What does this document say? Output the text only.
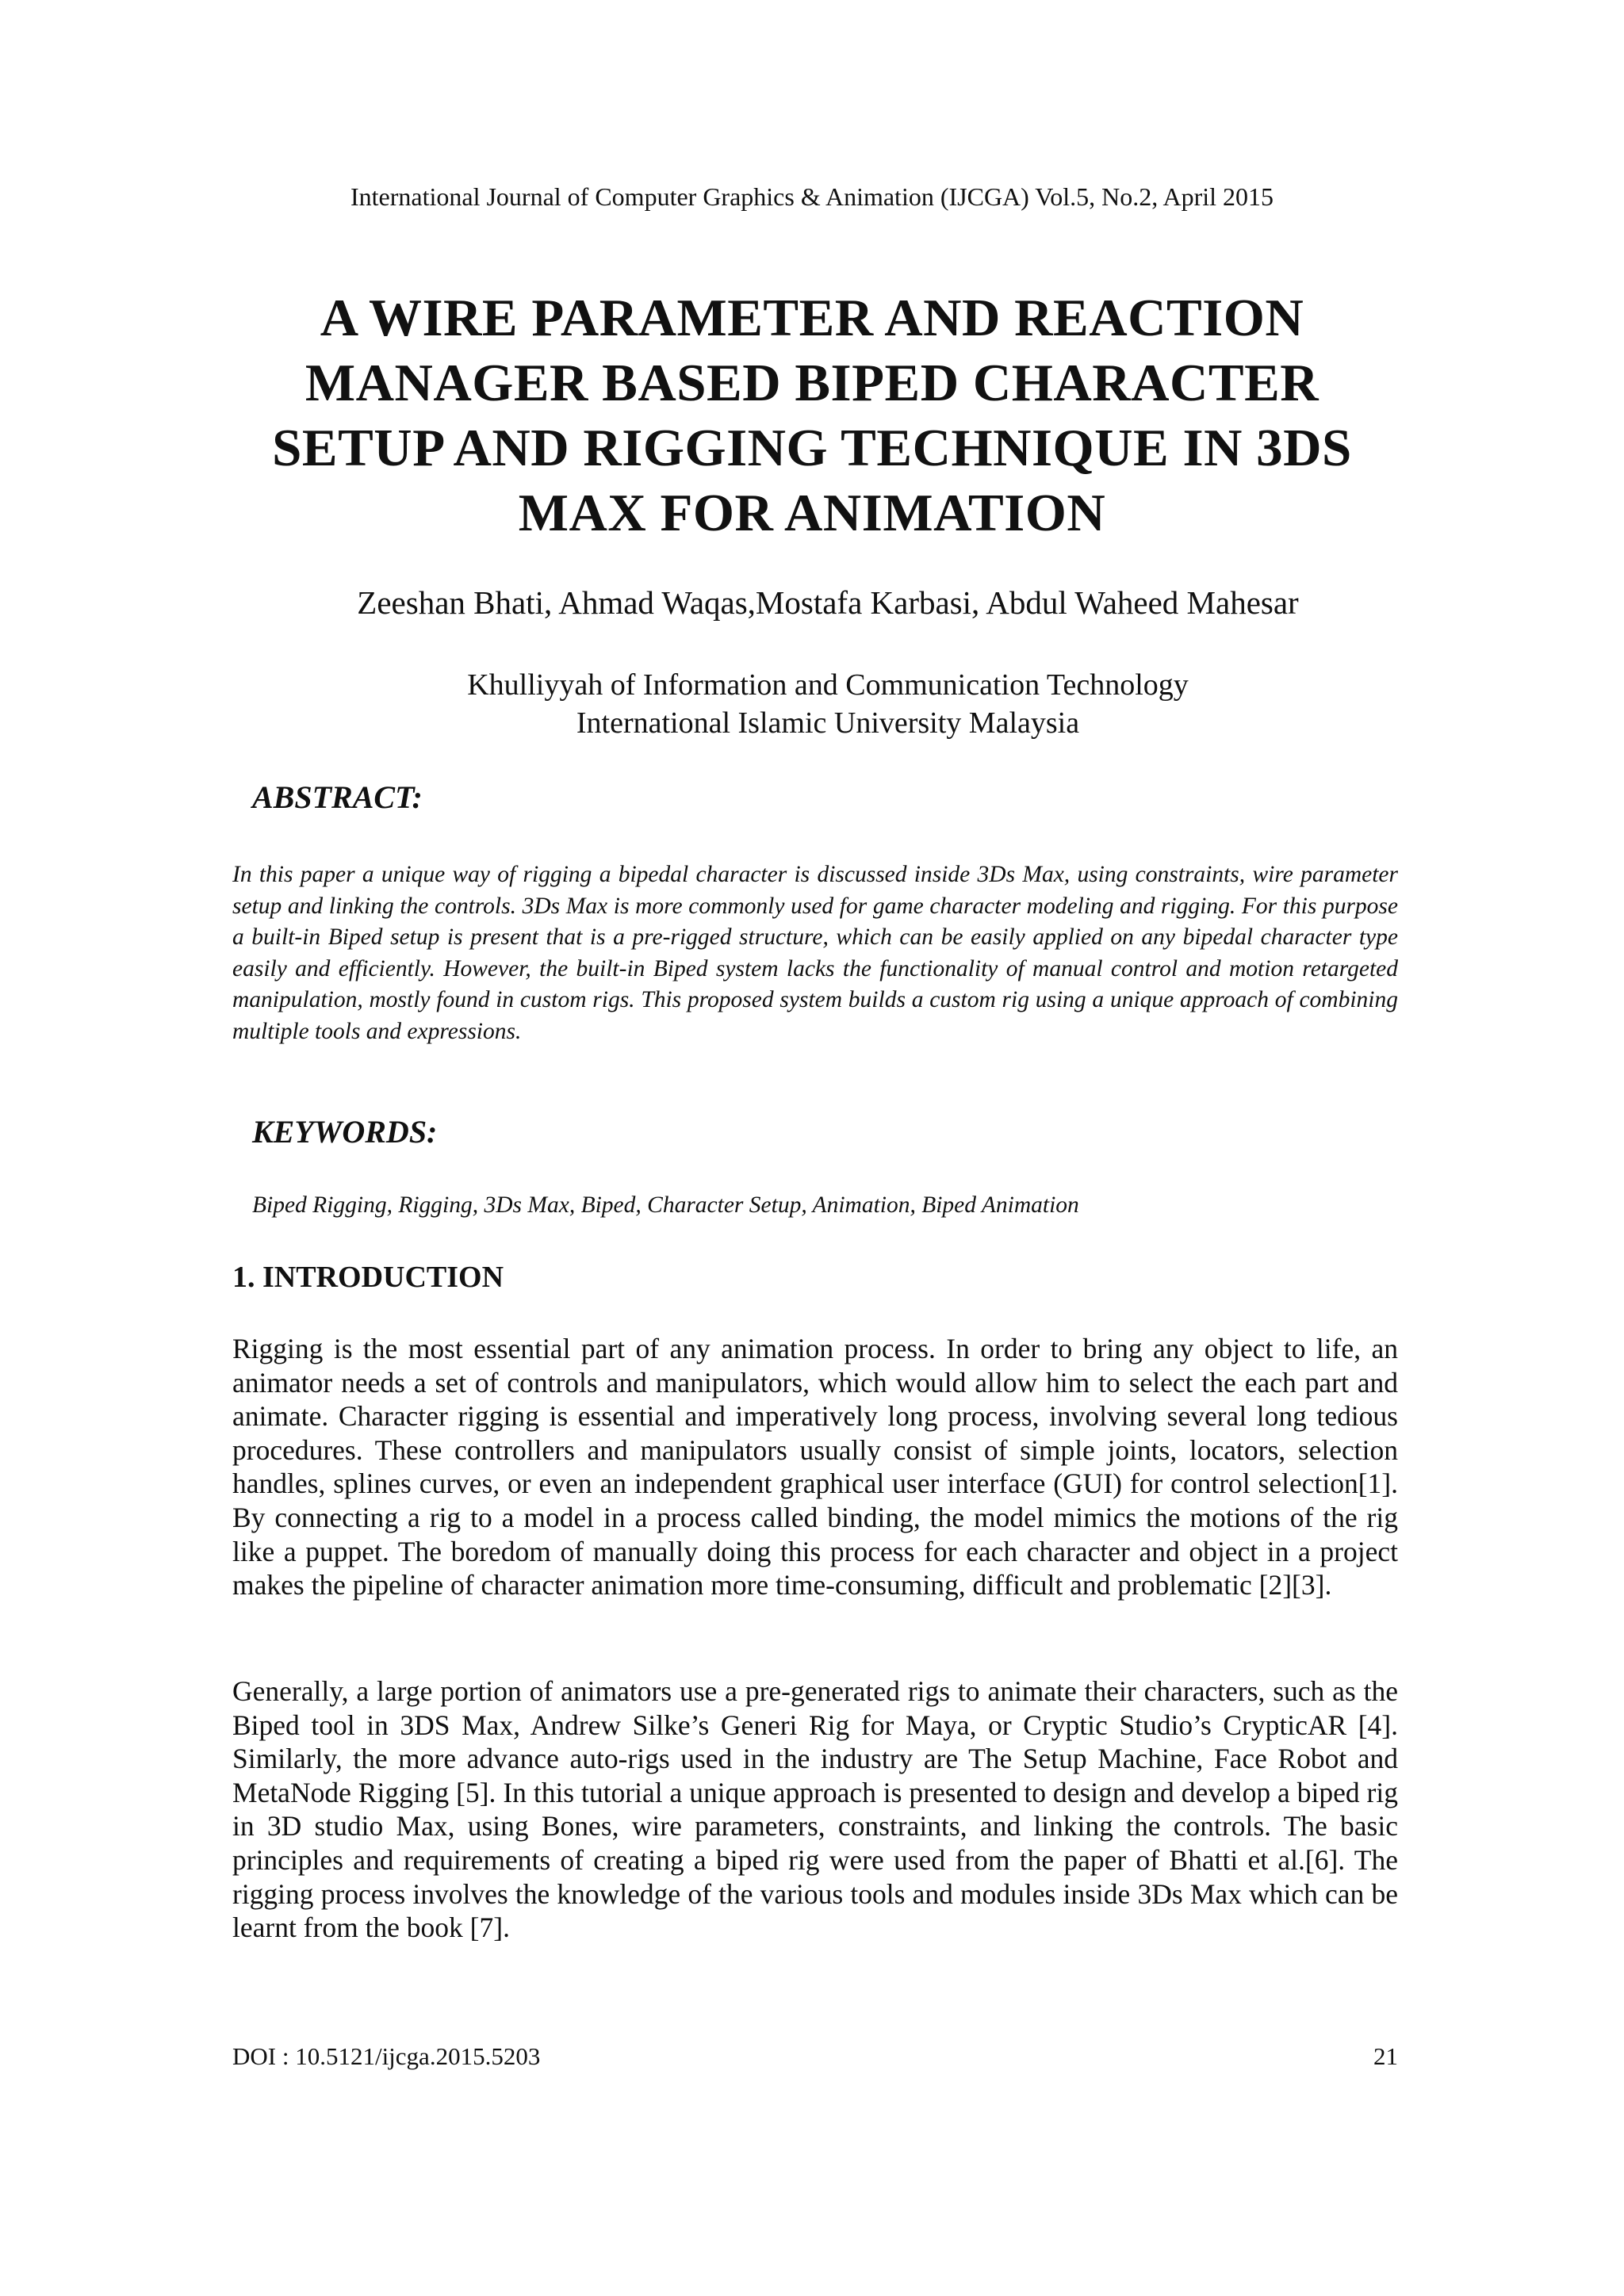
International Journal of Computer Graphics & Animation (IJCGA) Vol.5, No.2, April 2015
A WIRE PARAMETER AND REACTION
MANAGER BASED BIPED CHARACTER
SETUP AND RIGGING TECHNIQUE IN 3DS
MAX FOR ANIMATION
Zeeshan Bhati, Ahmad Waqas,Mostafa Karbasi, Abdul Waheed Mahesar
Khulliyyah of Information and Communication Technology
International Islamic University Malaysia
ABSTRACT:
In this paper a unique way of rigging a bipedal character is discussed inside 3Ds Max, using constraints, wire parameter setup and linking the controls. 3Ds Max is more commonly used for game character modeling and rigging. For this purpose a built-in Biped setup is present that is a pre-rigged structure, which can be easily applied on any bipedal character type easily and efficiently. However, the built-in Biped system lacks the functionality of manual control and motion retargeted manipulation, mostly found in custom rigs. This proposed system builds a custom rig using a unique approach of combining multiple tools and expressions.
KEYWORDS:
Biped Rigging, Rigging, 3Ds Max, Biped, Character Setup, Animation, Biped Animation
1. INTRODUCTION
Rigging is the most essential part of any animation process. In order to bring any object to life, an animator needs a set of controls and manipulators, which would allow him to select the each part and animate. Character rigging is essential and imperatively long process, involving several long tedious procedures. These controllers and manipulators usually consist of simple joints, locators, selection handles, splines curves, or even an independent graphical user interface (GUI) for control selection[1]. By connecting a rig to a model in a process called binding, the model mimics the motions of the rig like a puppet. The boredom of manually doing this process for each character and object in a project makes the pipeline of character animation more time-consuming, difficult and problematic [2][3].
Generally, a large portion of animators use a pre-generated rigs to animate their characters, such as the Biped tool in 3DS Max, Andrew Silke’s Generi Rig for Maya, or Cryptic Studio’s CrypticAR [4]. Similarly, the more advance auto-rigs used in the industry are The Setup Machine, Face Robot and MetaNode Rigging [5]. In this tutorial a unique approach is presented to design and develop a biped rig in 3D studio Max, using Bones, wire parameters, constraints, and linking the controls. The basic principles and requirements of creating a biped rig were used from the paper of Bhatti et al.[6]. The rigging process involves the knowledge of the various tools and modules inside 3Ds Max which can be learnt from the book [7].
DOI : 10.5121/ijcga.2015.5203	21
